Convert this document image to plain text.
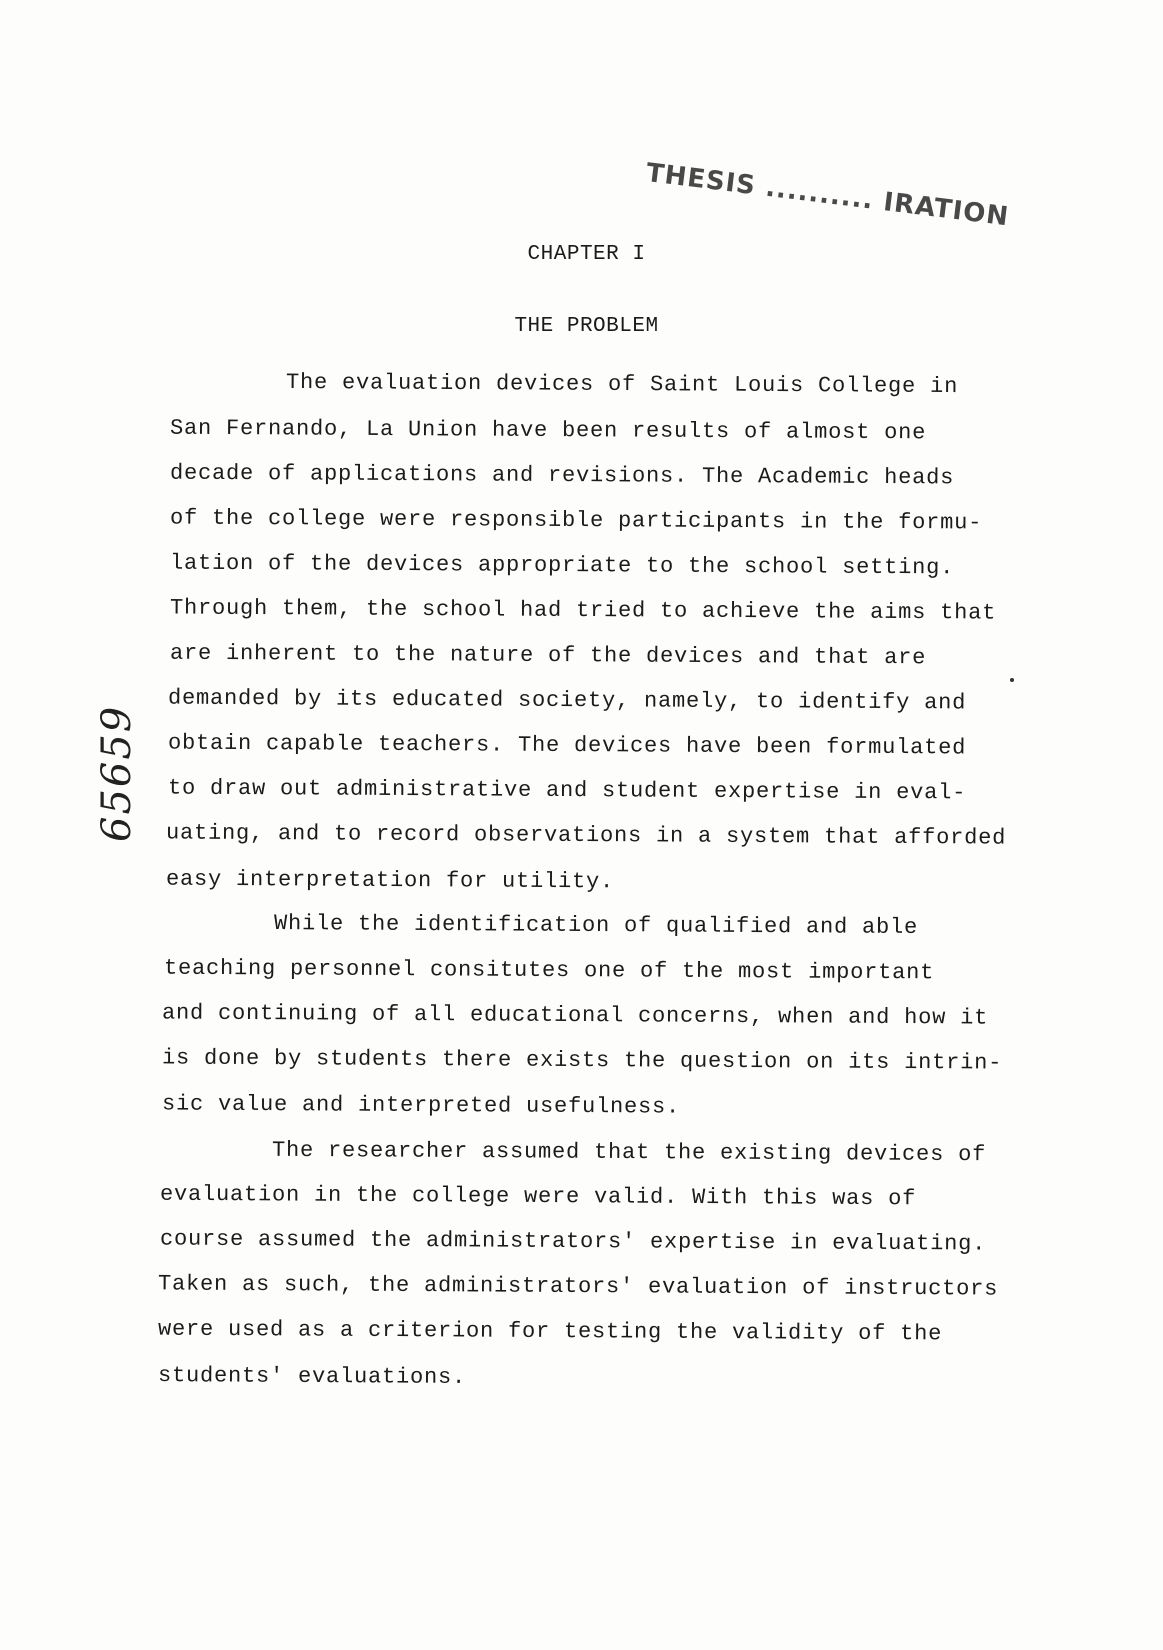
THESIS .......... IRATION
CHAPTER I
THE PROBLEM
The evaluation devices of Saint Louis College in
San Fernando, La Union have been results of almost one
decade of applications and revisions. The Academic heads
of the college were responsible participants in the formu-
lation of the devices appropriate to the school setting.
Through them, the school had tried to achieve the aims that
are inherent to the nature of the devices and that are
demanded by its educated society, namely, to identify and
obtain capable teachers. The devices have been formulated
to draw out administrative and student expertise in eval-
uating, and to record observations in a system that afforded
easy interpretation for utility.
While the identification of qualified and able
teaching personnel consitutes one of the most important
and continuing of all educational concerns, when and how it
is done by students there exists the question on its intrin-
sic value and interpreted usefulness.
The researcher assumed that the existing devices of
evaluation in the college were valid. With this was of
course assumed the administrators' expertise in evaluating.
Taken as such, the administrators' evaluation of instructors
were used as a criterion for testing the validity of the
students' evaluations.
65659
